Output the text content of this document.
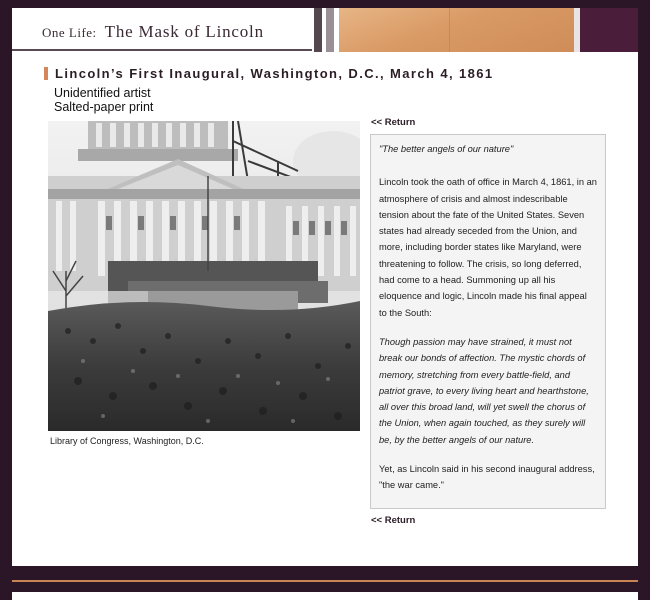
One Life: The Mask of Lincoln
Lincoln’s First Inaugural, Washington, D.C., March 4, 1861
Unidentified artist
Salted-paper print
Library of Congress, Washington, D.C.
<< Return

"The better angels of our nature"

Lincoln took the oath of office in March 4, 1861, in an atmosphere of crisis and almost indescribable tension about the fate of the United States. Seven states had already seceded from the Union, and more, including border states like Maryland, were threatening to follow. The crisis, so long deferred, had come to a head. Summoning up all his eloquence and logic, Lincoln made his final appeal to the South:

Though passion may have strained, it must not break our bonds of affection. The mystic chords of memory, stretching from every battle-field, and patriot grave, to every living heart and hearthstone, all over this broad land, will yet swell the chorus of the Union, when again touched, as they surely will be, by the better angels of our nature.

Yet, as Lincoln said in his second inaugural address, "the war came."

<< Return
